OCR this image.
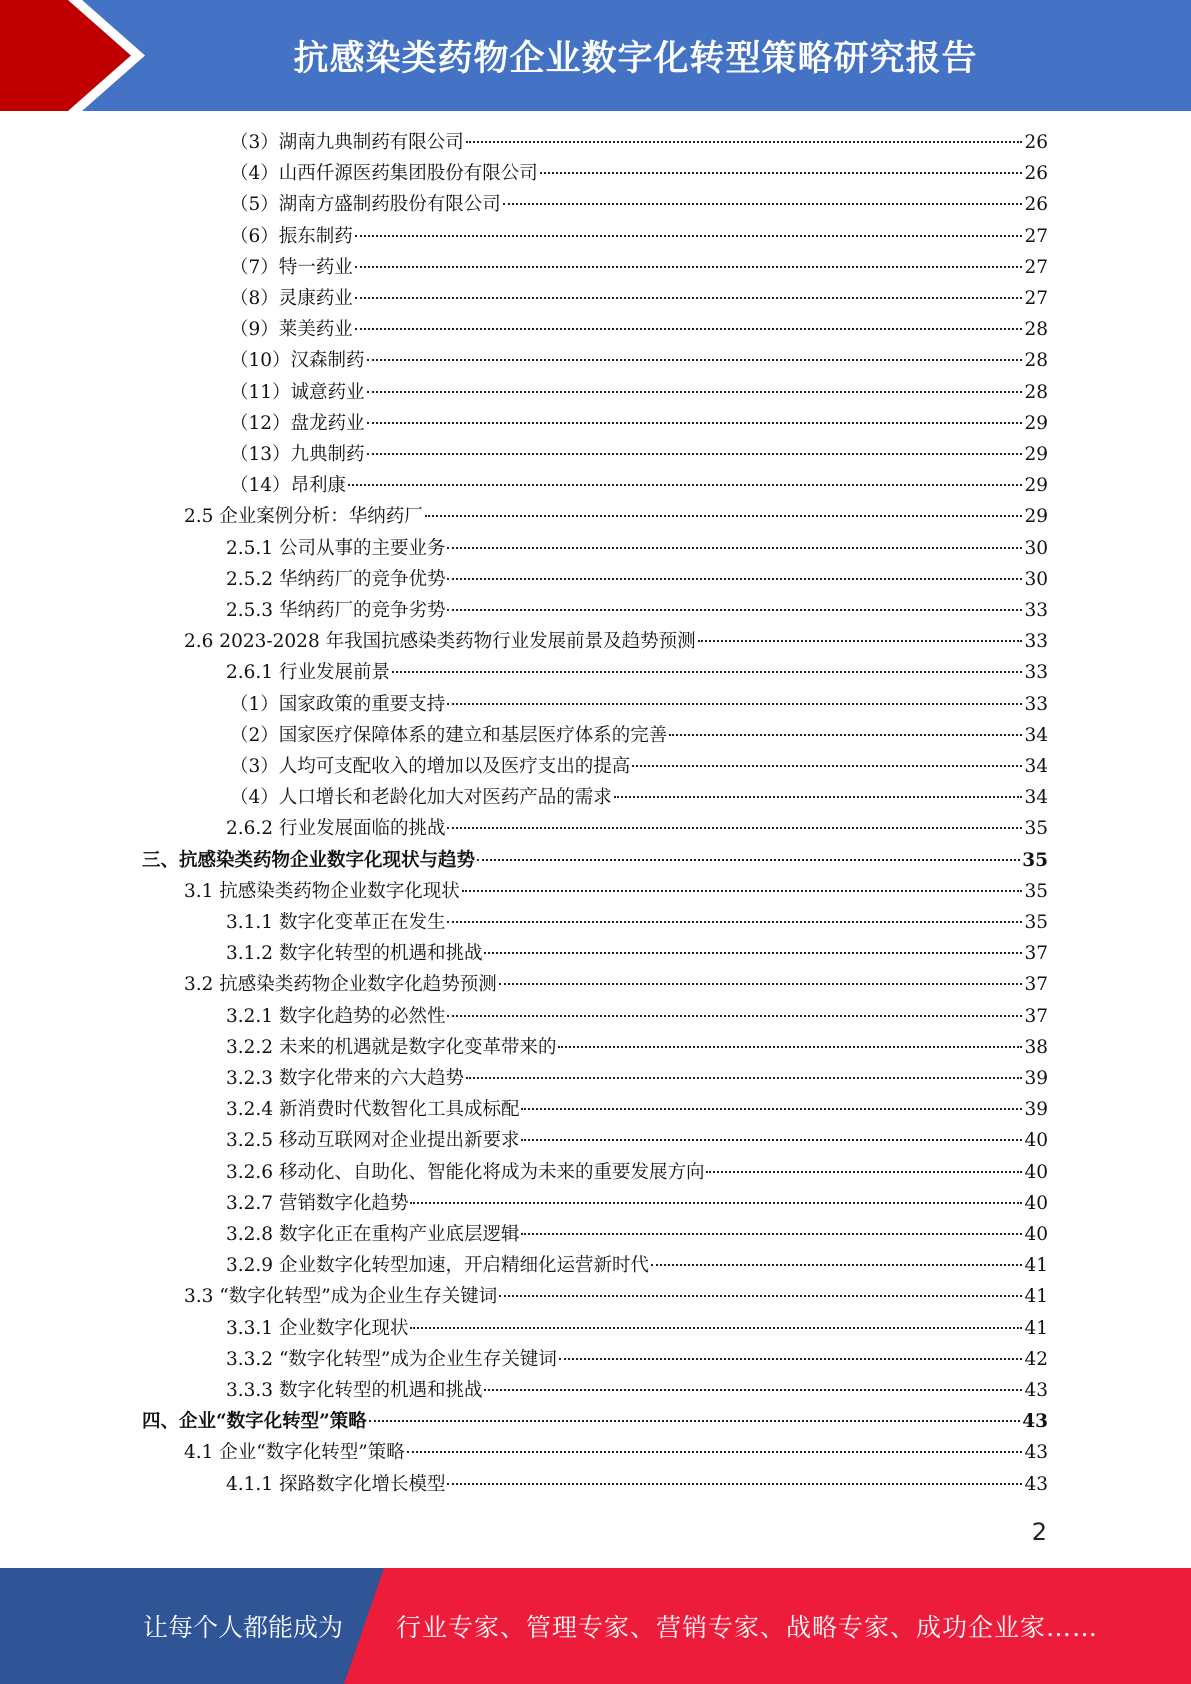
抗感染类药物企业数字化转型策略研究报告
（3）湖南九典制药有限公司	26
（4）山西仟源医药集团股份有限公司	26
（5）湖南方盛制药股份有限公司	26
（6）振东制药	27
（7）特一药业	27
（8）灵康药业	27
（9）莱美药业	28
（10）汉森制药	28
（11）诚意药业	28
（12）盘龙药业	29
（13）九典制药	29
（14）昂利康	29
2.5 企业案例分析：华纳药厂	29
2.5.1 公司从事的主要业务	30
2.5.2 华纳药厂的竞争优势	30
2.5.3 华纳药厂的竞争劣势	33
2.6 2023-2028 年我国抗感染类药物行业发展前景及趋势预测	33
2.6.1 行业发展前景	33
（1）国家政策的重要支持	33
（2）国家医疗保障体系的建立和基层医疗体系的完善	34
（3）人均可支配收入的增加以及医疗支出的提高	34
（4）人口增长和老龄化加大对医药产品的需求	34
2.6.2 行业发展面临的挑战	35
三、抗感染类药物企业数字化现状与趋势	35
3.1 抗感染类药物企业数字化现状	35
3.1.1 数字化变革正在发生	35
3.1.2 数字化转型的机遇和挑战	37
3.2 抗感染类药物企业数字化趋势预测	37
3.2.1 数字化趋势的必然性	37
3.2.2 未来的机遇就是数字化变革带来的	38
3.2.3 数字化带来的六大趋势	39
3.2.4 新消费时代数智化工具成标配	39
3.2.5 移动互联网对企业提出新要求	40
3.2.6 移动化、自助化、智能化将成为未来的重要发展方向	40
3.2.7 营销数字化趋势	40
3.2.8 数字化正在重构产业底层逻辑	40
3.2.9 企业数字化转型加速，开启精细化运营新时代	41
3.3 “数字化转型”成为企业生存关键词	41
3.3.1 企业数字化现状	41
3.3.2 “数字化转型”成为企业生存关键词	42
3.3.3 数字化转型的机遇和挑战	43
四、企业“数字化转型”策略	43
4.1 企业“数字化转型”策略	43
4.1.1 探路数字化增长模型	43
2
让每个人都能成为 行业专家、管理专家、营销专家、战略专家、成功企业家……
